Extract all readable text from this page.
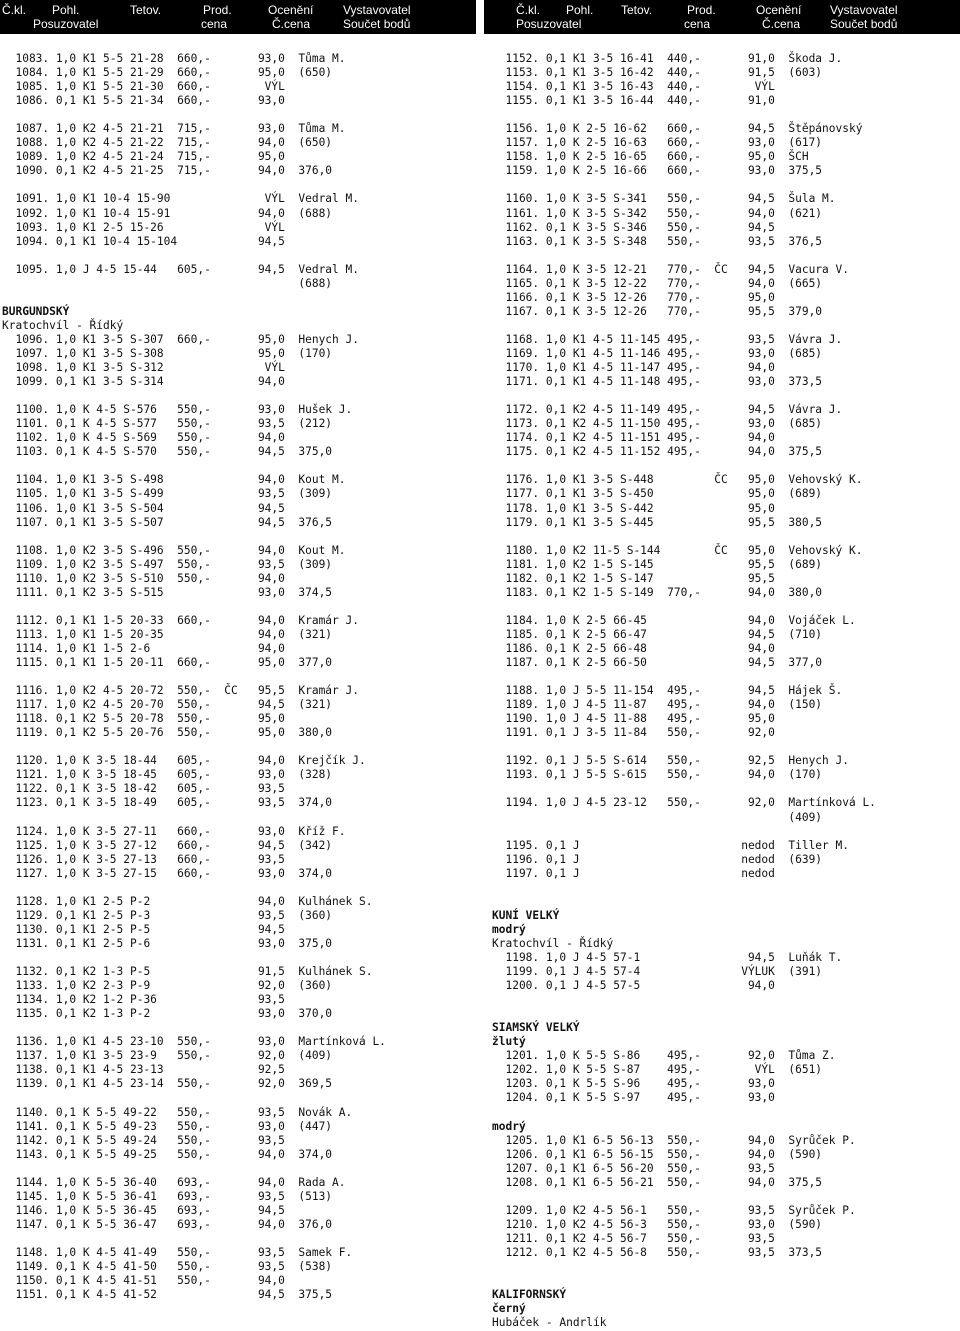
Č.kl. Pohl.	Tetov.	Prod.	Ocenění Vystavovatel
Posuzovatel	cena	Č.cena	Součet bodů
Č.kl. Pohl. Tetov.	Prod.	Ocenění Vystavovatel
Posuzovatel	cena	Č.cena Součet bodů
1083. 1,0 K1 5-5 21-28  660,-       93,0  Tůma M.
1084. 1,0 K1 5-5 21-29  660,-       95,0  (650)
1085. 1,0 K1 5-5 21-30  660,-        VÝL
1086. 0,1 K1 5-5 21-34  660,-       93,0
1087. 1,0 K2 4-5 21-21  715,-       93,0  Tůma M.
1088. 1,0 K2 4-5 21-22  715,-       94,0  (650)
1089. 1,0 K2 4-5 21-24  715,-       95,0
1090. 0,1 K2 4-5 21-25  715,-       94,0  376,0
1091. 1,0 K1 10-4 15-90              VÝL  Vedral M.
1092. 1,0 K1 10-4 15-91             94,0  (688)
1093. 1,0 K1 2-5 15-26               VÝL
1094. 0,1 K1 10-4 15-104            94,5
1095. 1,0 J 4-5 15-44   605,-       94,5  Vedral M.
(688)
BURGUNDSKÝ
Kratochvíl - Řídký
1096. 1,0 K1 3-5 S-307  660,-       95,0  Henych J.
1097. 1,0 K1 3-5 S-308              95,0  (170)
1098. 1,0 K1 3-5 S-312               VÝL
1099. 0,1 K1 3-5 S-314              94,0
1100. 1,0 K 4-5 S-576   550,-       93,0  Hušek J.
1101. 0,1 K 4-5 S-577   550,-       93,5  (212)
1102. 1,0 K 4-5 S-569   550,-       94,0
1103. 0,1 K 4-5 S-570   550,-       94,5  375,0
1104. 1,0 K1 3-5 S-498              94,0  Kout M.
1105. 1,0 K1 3-5 S-499              93,5  (309)
1106. 1,0 K1 3-5 S-504              94,5
1107. 0,1 K1 3-5 S-507              94,5  376,5
1108. 1,0 K2 3-5 S-496  550,-       94,0  Kout M.
1109. 1,0 K2 3-5 S-497  550,-       93,5  (309)
1110. 1,0 K2 3-5 S-510  550,-       94,0
1111. 0,1 K2 3-5 S-515              93,0  374,5
1112. 0,1 K1 1-5 20-33  660,-       94,0  Kramár J.
1113. 1,0 K1 1-5 20-35              94,0  (321)
1114. 1,0 K1 1-5 2-6                94,0
1115. 0,1 K1 1-5 20-11  660,-       95,0  377,0
1116. 1,0 K2 4-5 20-72  550,-  ČC   95,5  Kramár J.
1117. 1,0 K2 4-5 20-70  550,-       94,5  (321)
1118. 0,1 K2 5-5 20-78  550,-       95,0
1119. 0,1 K2 5-5 20-76  550,-       95,0  380,0
1120. 1,0 K 3-5 18-44   605,-       94,0  Krejčík J.
1121. 1,0 K 3-5 18-45   605,-       93,0  (328)
1122. 0,1 K 3-5 18-42   605,-       93,5
1123. 0,1 K 3-5 18-49   605,-       93,5  374,0
1124. 1,0 K 3-5 27-11   660,-       93,0  Kříž F.
1125. 1,0 K 3-5 27-12   660,-       94,5  (342)
1126. 1,0 K 3-5 27-13   660,-       93,5
1127. 1,0 K 3-5 27-15   660,-       93,0  374,0
1128. 1,0 K1 2-5 P-2                94,0  Kulhánek S.
1129. 0,1 K1 2-5 P-3                93,5  (360)
1130. 0,1 K1 2-5 P-5                94,5
1131. 0,1 K1 2-5 P-6                93,0  375,0
1132. 0,1 K2 1-3 P-5                91,5  Kulhánek S.
1133. 1,0 K2 2-3 P-9                92,0  (360)
1134. 1,0 K2 1-2 P-36               93,5
1135. 0,1 K2 1-3 P-2                93,0  370,0
1136. 1,0 K1 4-5 23-10  550,-       93,0  Martínková L.
1137. 1,0 K1 3-5 23-9   550,-       92,0  (409)
1138. 0,1 K1 4-5 23-13              92,5
1139. 0,1 K1 4-5 23-14  550,-       92,0  369,5
1140. 0,1 K 5-5 49-22   550,-       93,5  Novák A.
1141. 0,1 K 5-5 49-23   550,-       93,0  (447)
1142. 0,1 K 5-5 49-24   550,-       93,5
1143. 0,1 K 5-5 49-25   550,-       94,0  374,0
1144. 1,0 K 5-5 36-40   693,-       94,0  Rada A.
1145. 1,0 K 5-5 36-41   693,-       93,5  (513)
1146. 1,0 K 5-5 36-45   693,-       94,5
1147. 0,1 K 5-5 36-47   693,-       94,0  376,0
1148. 1,0 K 4-5 41-49   550,-       93,5  Samek F.
1149. 0,1 K 4-5 41-50   550,-       93,5  (538)
1150. 0,1 K 4-5 41-51   550,-       94,0
1151. 0,1 K 4-5 41-52               94,5  375,5
1152. 0,1 K1 3-5 16-41  440,-       91,0  Škoda J.
1153. 0,1 K1 3-5 16-42  440,-       91,5  (603)
1154. 0,1 K1 3-5 16-43  440,-        VÝL
1155. 0,1 K1 3-5 16-44  440,-       91,0
1156. 1,0 K 2-5 16-62   660,-       94,5  Štěpánovský
1157. 1,0 K 2-5 16-63   660,-       93,0  (617)
1158. 1,0 K 2-5 16-65   660,-       95,0  ŠCH
1159. 1,0 K 2-5 16-66   660,-       93,0  375,5
1160. 1,0 K 3-5 S-341   550,-       94,5  Šula M.
1161. 1,0 K 3-5 S-342   550,-       94,0  (621)
1162. 0,1 K 3-5 S-346   550,-       94,5
1163. 0,1 K 3-5 S-348   550,-       93,5  376,5
1164. 1,0 K 3-5 12-21   770,-  ČC   94,5  Vacura V.
1165. 0,1 K 3-5 12-22   770,-       94,0  (665)
1166. 0,1 K 3-5 12-26   770,-       95,0
1167. 0,1 K 3-5 12-26   770,-       95,5  379,0
1168. 1,0 K1 4-5 11-145 495,-       93,5  Vávra J.
1169. 1,0 K1 4-5 11-146 495,-       93,0  (685)
1170. 1,0 K1 4-5 11-147 495,-       94,0
1171. 0,1 K1 4-5 11-148 495,-       93,0  373,5
1172. 0,1 K2 4-5 11-149 495,-       94,5  Vávra J.
1173. 0,1 K2 4-5 11-150 495,-       93,0  (685)
1174. 0,1 K2 4-5 11-151 495,-       94,0
1175. 0,1 K2 4-5 11-152 495,-       94,0  375,5
1176. 1,0 K1 3-5 S-448         ČC   95,0  Vehovský K.
1177. 0,1 K1 3-5 S-450              95,0  (689)
1178. 1,0 K1 3-5 S-442              95,0
1179. 0,1 K1 3-5 S-445              95,5  380,5
1180. 1,0 K2 11-5 S-144        ČC   95,0  Vehovský K.
1181. 1,0 K2 1-5 S-145              95,5  (689)
1182. 0,1 K2 1-5 S-147              95,5
1183. 0,1 K2 1-5 S-149  770,-       94,0  380,0
1184. 1,0 K 2-5 66-45               94,0  Vojáček L.
1185. 0,1 K 2-5 66-47               94,5  (710)
1186. 0,1 K 2-5 66-48               94,0
1187. 0,1 K 2-5 66-50               94,5  377,0
1188. 1,0 J 5-5 11-154  495,-       94,5  Hájek Š.
1189. 1,0 J 4-5 11-87   495,-       94,0  (150)
1190. 1,0 J 4-5 11-88   495,-       95,0
1191. 0,1 J 3-5 11-84   550,-       92,0
1192. 0,1 J 5-5 S-614   550,-       92,5  Henych J.
1193. 0,1 J 5-5 S-615   550,-       94,0  (170)
1194. 1,0 J 4-5 23-12   550,-       92,0  Martínková L.
(409)
1195. 0,1 J                        nedod  Tiller M.
1196. 0,1 J                        nedod  (639)
1197. 0,1 J                        nedod
KUNÍ VELKÝ
modrý
Kratochvíl - Řídký
1198. 1,0 J 4-5 57-1                94,5  Luňák T.
1199. 0,1 J 4-5 57-4               VÝLUK  (391)
1200. 0,1 J 4-5 57-5                94,0
SIAMSKÝ VELKÝ
žlutý
1201. 1,0 K 5-5 S-86    495,-       92,0  Tůma Z.
1202. 1,0 K 5-5 S-87    495,-        VÝL  (651)
1203. 0,1 K 5-5 S-96    495,-       93,0
1204. 0,1 K 5-5 S-97    495,-       93,0
modrý
1205. 1,0 K1 6-5 56-13  550,-       94,0  Syrůček P.
1206. 0,1 K1 6-5 56-15  550,-       94,0  (590)
1207. 0,1 K1 6-5 56-20  550,-       93,5
1208. 0,1 K1 6-5 56-21  550,-       94,0  375,5
1209. 1,0 K2 4-5 56-1   550,-       93,5  Syrůček P.
1210. 1,0 K2 4-5 56-3   550,-       93,0  (590)
1211. 0,1 K2 4-5 56-7   550,-       93,5
1212. 0,1 K2 4-5 56-8   550,-       93,5  373,5
KALIFORNSKÝ
černý
Hubáček - Andrlík
